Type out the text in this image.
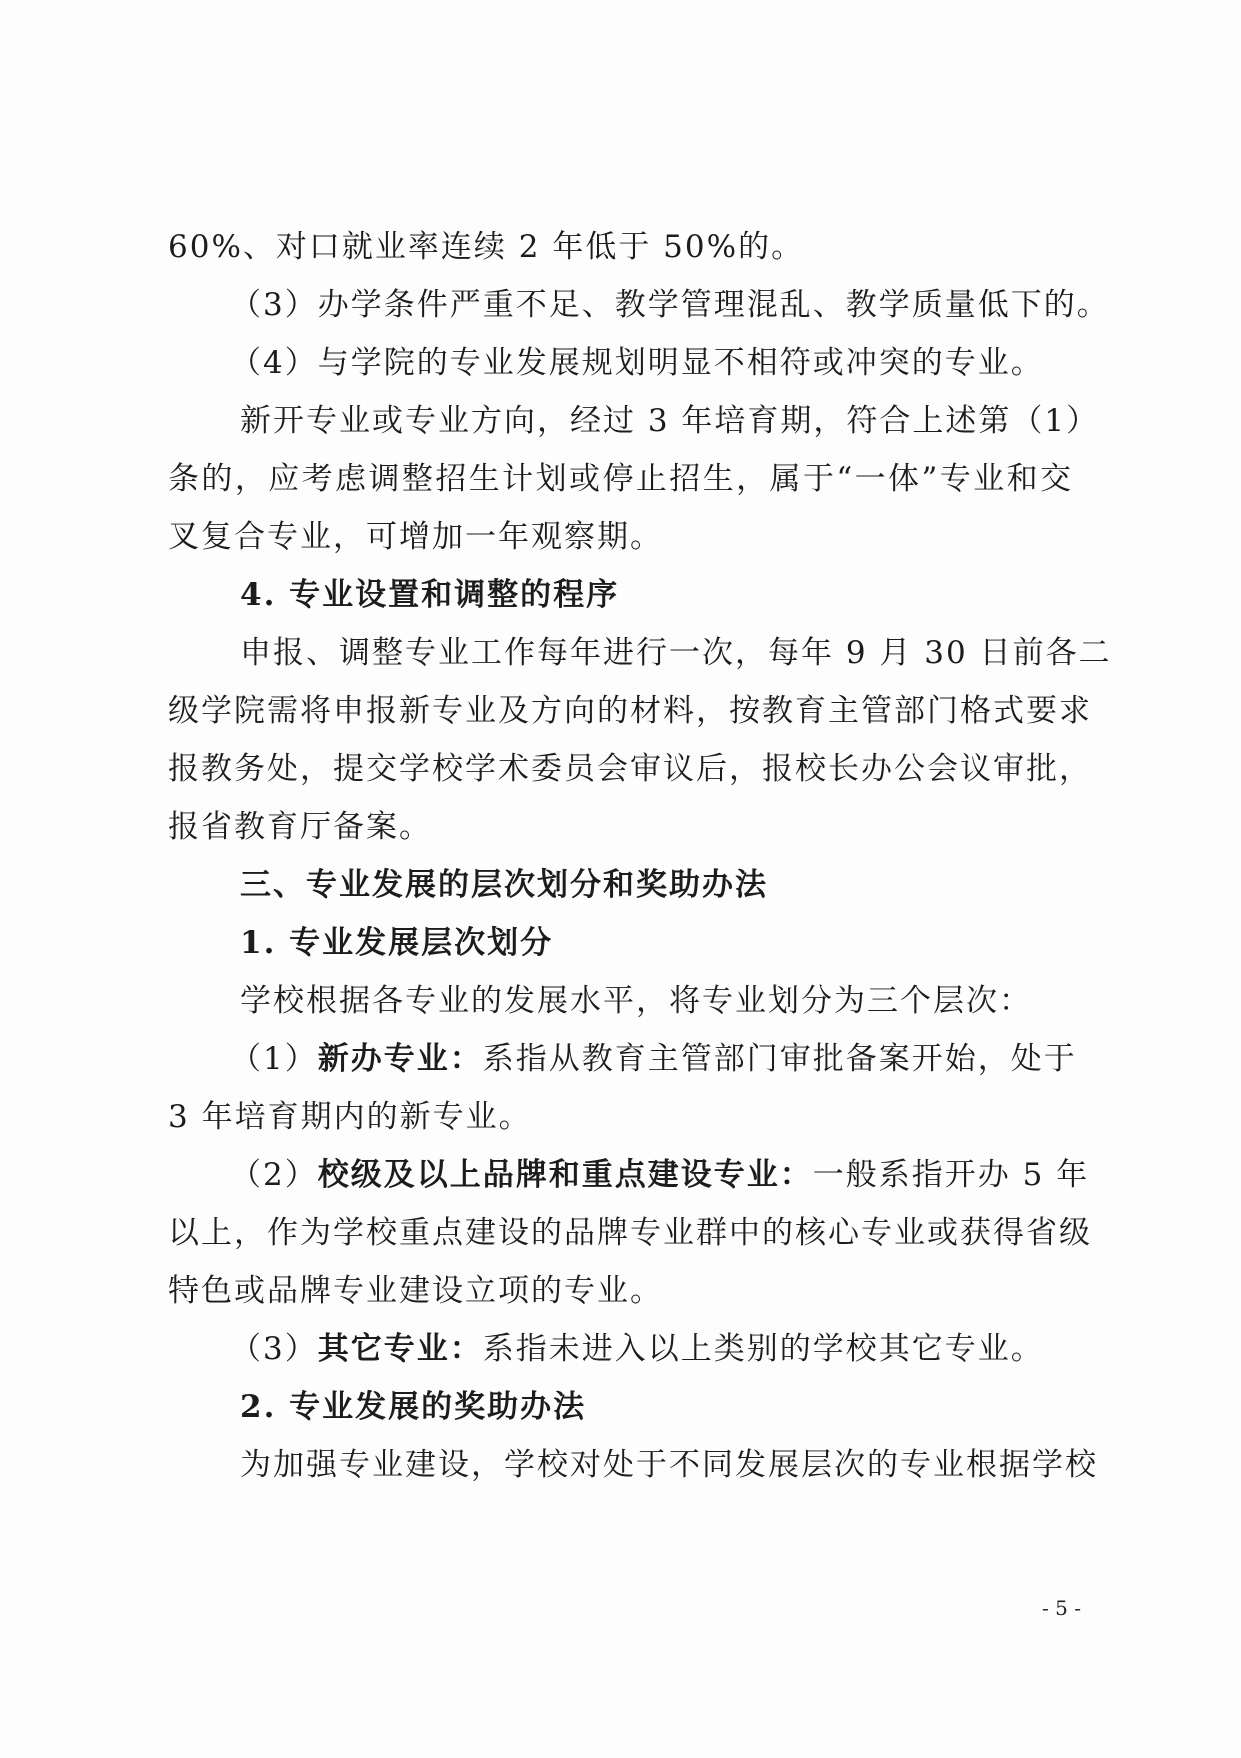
60%、对口就业率连续 2 年低于 50%的。
（3）办学条件严重不足、教学管理混乱、教学质量低下的。
（4）与学院的专业发展规划明显不相符或冲突的专业。
新开专业或专业方向，经过 3 年培育期，符合上述第（1）
条的，应考虑调整招生计划或停止招生，属于“一体”专业和交
叉复合专业，可增加一年观察期。
4. 专业设置和调整的程序
申报、调整专业工作每年进行一次，每年 9 月 30 日前各二
级学院需将申报新专业及方向的材料，按教育主管部门格式要求
报教务处，提交学校学术委员会审议后，报校长办公会议审批，
报省教育厅备案。
三、专业发展的层次划分和奖助办法
1. 专业发展层次划分
学校根据各专业的发展水平，将专业划分为三个层次：
（1）新办专业：系指从教育主管部门审批备案开始，处于
3 年培育期内的新专业。
（2）校级及以上品牌和重点建设专业：一般系指开办 5 年
以上，作为学校重点建设的品牌专业群中的核心专业或获得省级
特色或品牌专业建设立项的专业。
（3）其它专业：系指未进入以上类别的学校其它专业。
2. 专业发展的奖助办法
为加强专业建设，学校对处于不同发展层次的专业根据学校
- 5 -
